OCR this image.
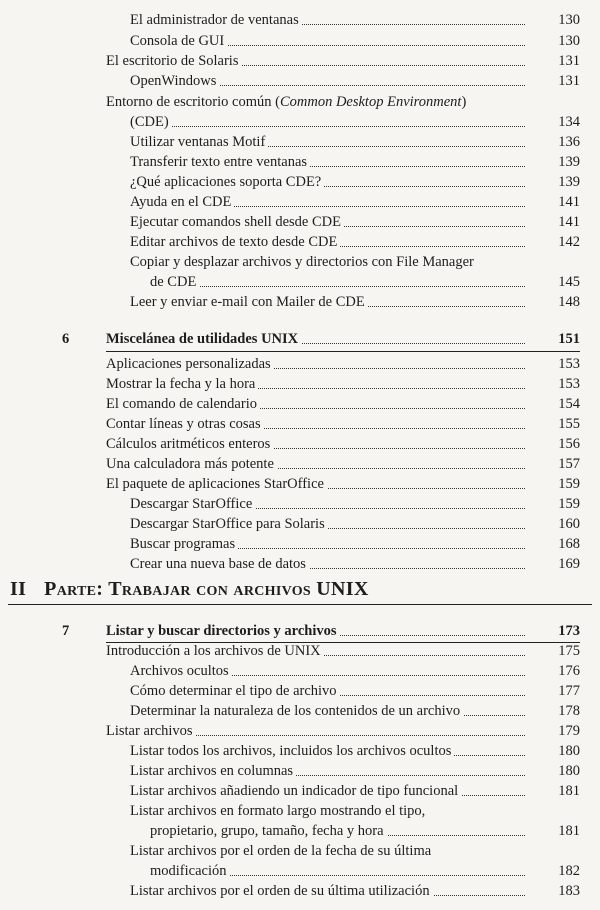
El administrador de ventanas	130
Consola de GUI	130
El escritorio de Solaris	131
OpenWindows	131
Entorno de escritorio común (Common Desktop Environment)
(CDE)	134
Utilizar ventanas Motif	136
Transferir texto entre ventanas	139
¿Qué aplicaciones soporta CDE?	139
Ayuda en el CDE	141
Ejecutar comandos shell desde CDE	141
Editar archivos de texto desde CDE	142
Copiar y desplazar archivos y directorios con File Manager
de CDE	145
Leer y enviar e-mail con Mailer de CDE	148
6	Miscelánea de utilidades UNIX	151
Aplicaciones personalizadas	153
Mostrar la fecha y la hora	153
El comando de calendario	154
Contar líneas y otras cosas	155
Cálculos aritméticos enteros	156
Una calculadora más potente	157
El paquete de aplicaciones StarOffice	159
Descargar StarOffice	159
Descargar StarOffice para Solaris	160
Buscar programas	168
Crear una nueva base de datos	169
II Parte: Trabajar con archivos UNIX
7	Listar y buscar directorios y archivos	173
Introducción a los archivos de UNIX	175
Archivos ocultos	176
Cómo determinar el tipo de archivo	177
Determinar la naturaleza de los contenidos de un archivo	178
Listar archivos	179
Listar todos los archivos, incluidos los archivos ocultos	180
Listar archivos en columnas	180
Listar archivos añadiendo un indicador de tipo funcional	181
Listar archivos en formato largo mostrando el tipo,
propietario, grupo, tamaño, fecha y hora	181
Listar archivos por el orden de la fecha de su última
modificación	182
Listar archivos por el orden de su última utilización	183
